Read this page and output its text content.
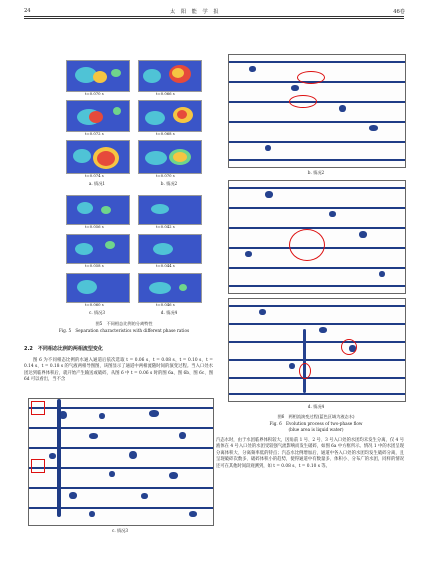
24	太 阳 能 学 报	46卷
t=0.070 s	t=0.066 s
t=0.072 s	t=0.068 s
t=0.074 s	t=0.070 s
a. 情况1	b. 情况2
t=0.056 s	t=0.042 s
t=0.058 s	t=0.044 s
t=0.060 s	t=0.046 s
c. 情况3	d. 情况4
图5　不同相态比例的分离特性
Fig. 5　Separation characteristics with different phase ratios
2.2　不同相态比例的两相流型变化
图 6 为不同相态比例的水通入通道后依次选取 t = 0.06 s、t = 0.08 s、t = 0.10 s、t = 0.14 s、t = 0.18 s 的气液两相导图图，该图显示了通道中两相流随时间的演变过程。当入口处水团达到临界体积后，就开始产生输送或破碎，从图 6 中 t = 0.06 s 时的图 6a、图 6b、图 6c、图 6d 可以看出，当不含
c. 情况3
b. 情况2
d. 情况4
图6　两相流演变过程(蓝色区域为液态水)
Fig. 6　Evolution process of two-phase flow
(blue area is liquid water)
汽态水时，由于水团临界体积较大，因角前 1 号、2 号、3 号入口处的水团均未发生分离，仅 4 号液体在 4 号入口处的水团受较强气流影响而发生破碎，如图 6a 中方框所示。情况 1 中的水团呈现分离体积大、分离频率低的特点；汽态水比例增加后，通道中各入口处的水团均发生破碎分离，且呈现破碎次数多、破碎体积小的趋势，使得通道中有数量多、体积小、分布广的水团，同样的情况还可在其他时间段观测到，如 t = 0.08 s、t = 0.10 s 等。
